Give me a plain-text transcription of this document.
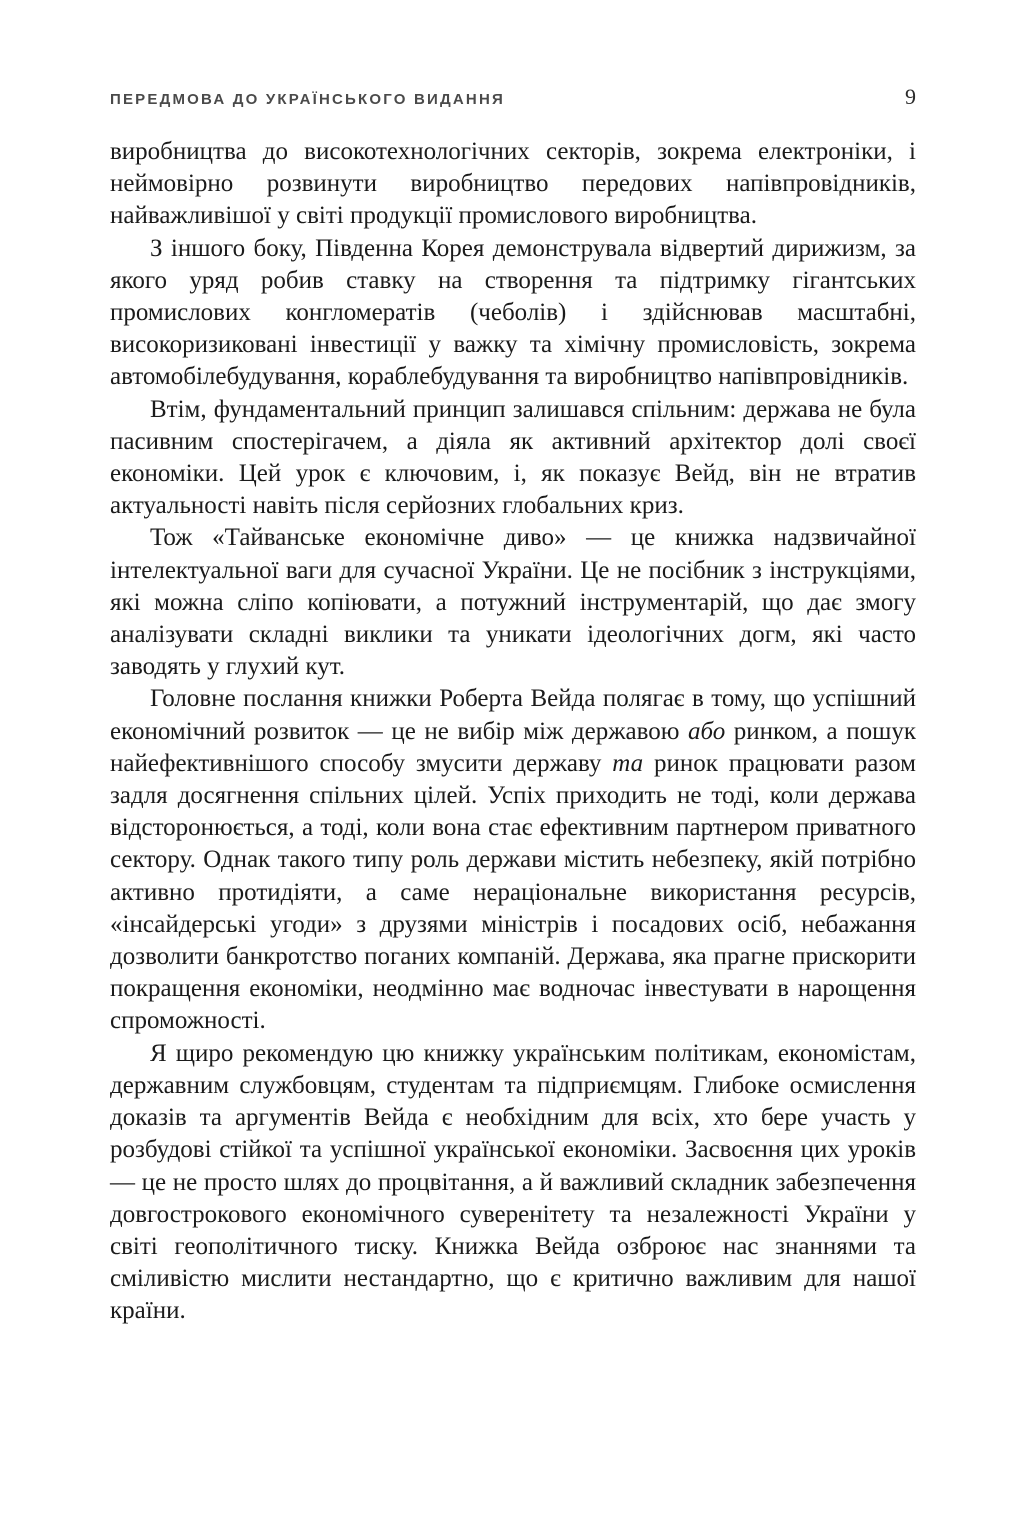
ПЕРЕДМОВА ДО УКРАЇНСЬКОГО ВИДАННЯ	9

виробництва до високотехнологічних секторів, зокрема електроніки, і неймовірно розвинути виробництво передових напівпровідників, найважливішої у світі продукції промислового виробництва.

З іншого боку, Південна Корея демонструвала відвертий дирижизм, за якого уряд робив ставку на створення та підтримку гігантських промислових конгломератів (чеболів) і здійснював масштабні, високоризиковані інвестиції у важку та хімічну промисловість, зокрема автомобілебудування, кораблебудування та виробництво напівпровідників.

Втім, фундаментальний принцип залишався спільним: держава не була пасивним спостерігачем, а діяла як активний архітектор долі своєї економіки. Цей урок є ключовим, і, як показує Вейд, він не втратив актуальності навіть після серйозних глобальних криз.

Тож «Тайванське економічне диво» — це книжка надзвичайної інтелектуальної ваги для сучасної України. Це не посібник з інструкціями, які можна сліпо копіювати, а потужний інструментарій, що дає змогу аналізувати складні виклики та уникати ідеологічних догм, які часто заводять у глухий кут.

Головне послання книжки Роберта Вейда полягає в тому, що успішний економічний розвиток — це не вибір між державою або ринком, а пошук найефективнішого способу змусити державу та ринок працювати разом задля досягнення спільних цілей. Успіх приходить не тоді, коли держава відсторонюється, а тоді, коли вона стає ефективним партнером приватного сектору. Однак такого типу роль держави містить небезпеку, якій потрібно активно протидіяти, а саме нераціональне використання ресурсів, «інсайдерські угоди» з друзями міністрів і посадових осіб, небажання дозволити банкротство поганих компаній. Держава, яка прагне прискорити покращення економіки, неодмінно має водночас інвестувати в нарощення спроможності.

Я щиро рекомендую цю книжку українським політикам, економістам, державним службовцям, студентам та підприємцям. Глибоке осмислення доказів та аргументів Вейда є необхідним для всіх, хто бере участь у розбудові стійкої та успішної української економіки. Засвоєння цих уроків — це не просто шлях до процвітання, а й важливий складник забезпечення довгострокового економічного суверенітету та незалежності України у світі геополітичного тиску. Книжка Вейда озброює нас знаннями та сміливістю мислити нестандартно, що є критично важливим для нашої країни.
